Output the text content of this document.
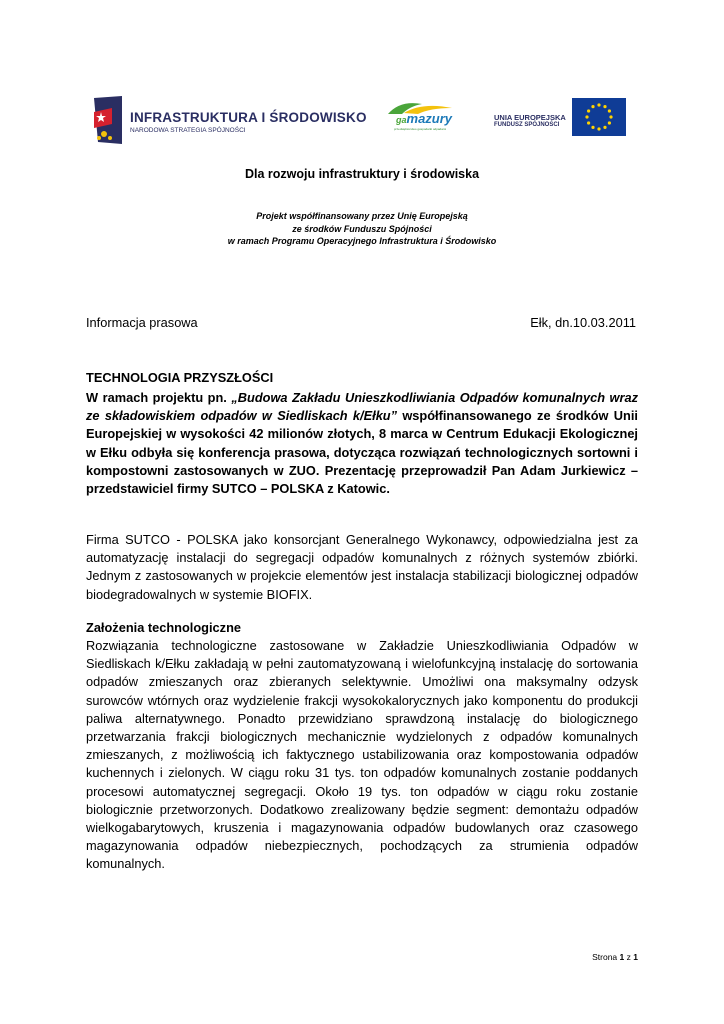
INFRASTRUKTURA I ŚRODOWISKO
NARODOWA STRATEGIA SPÓJNOŚCI
gamazury
przedsiębiorstwo gospodarki odpadami
UNIA EUROPEJSKA
FUNDUSZ SPÓJNOŚCI
Dla rozwoju infrastruktury i środowiska
Projekt współfinansowany przez Unię Europejską
ze środków Funduszu Spójności
w ramach Programu Operacyjnego Infrastruktura i Środowisko
Informacja prasowa	Ełk, dn.10.03.2011
TECHNOLOGIA PRZYSZŁOŚCI
W ramach projektu pn. „Budowa Zakładu Unieszkodliwiania Odpadów komunalnych wraz ze składowiskiem odpadów w Siedliskach k/Ełku” współfinansowanego ze środków Unii Europejskiej w wysokości 42 milionów złotych, 8 marca w Centrum Edukacji Ekologicznej w Ełku odbyła się konferencja prasowa, dotycząca rozwiązań technologicznych sortowni i kompostowni zastosowanych w ZUO. Prezentację przeprowadził Pan Adam Jurkiewicz – przedstawiciel firmy SUTCO – POLSKA z Katowic.
Firma SUTCO - POLSKA jako konsorcjant Generalnego Wykonawcy, odpowiedzialna jest za automatyzację instalacji do segregacji odpadów komunalnych z różnych systemów zbiórki. Jednym z zastosowanych w projekcie elementów jest instalacja stabilizacji biologicznej odpadów biodegradowalnych w systemie BIOFIX.
Założenia technologiczne
Rozwiązania technologiczne zastosowane w Zakładzie Unieszkodliwiania Odpadów w Siedliskach k/Ełku zakładają w pełni zautomatyzowaną i wielofunkcyjną instalację do sortowania odpadów zmieszanych oraz zbieranych selektywnie. Umożliwi ona maksymalny odzysk surowców wtórnych oraz wydzielenie frakcji wysokokalorycznych jako komponentu do produkcji paliwa alternatywnego. Ponadto przewidziano sprawdzoną instalację do biologicznego przetwarzania frakcji biologicznych mechanicznie wydzielonych z odpadów komunalnych zmieszanych, z możliwością ich faktycznego ustabilizowania oraz kompostowania odpadów kuchennych i zielonych. W ciągu roku 31 tys. ton odpadów komunalnych zostanie poddanych procesowi automatycznej segregacji. Około 19 tys. ton odpadów w ciągu roku zostanie biologicznie przetworzonych. Dodatkowo zrealizowany będzie segment: demontażu odpadów wielkogabarytowych, kruszenia i magazynowania odpadów budowlanych oraz czasowego magazynowania odpadów niebezpiecznych, pochodzących za strumienia odpadów komunalnych.
Strona 1 z 1
